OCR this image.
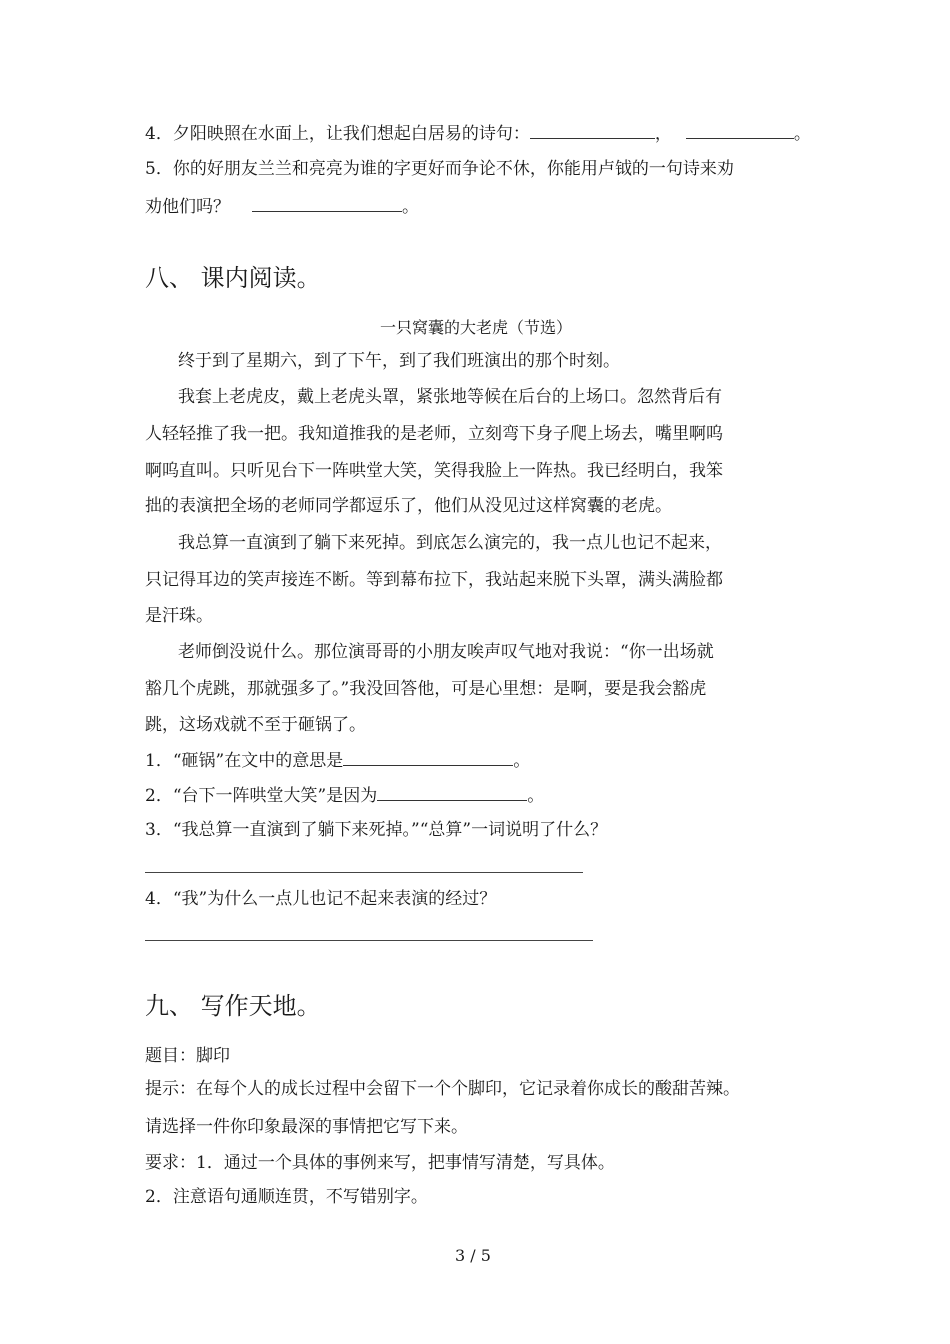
4．夕阳映照在水面上，让我们想起白居易的诗句：	，	。
5．你的好朋友兰兰和亮亮为谁的字更好而争论不休，你能用卢钺的一句诗来劝
劝他们吗？	。
八、 课内阅读。
一只窝囊的大老虎（节选）
终于到了星期六，到了下午，到了我们班演出的那个时刻。
我套上老虎皮，戴上老虎头罩，紧张地等候在后台的上场口。忽然背后有
人轻轻推了我一把。我知道推我的是老师，立刻弯下身子爬上场去，嘴里啊呜
啊呜直叫。只听见台下一阵哄堂大笑，笑得我脸上一阵热。我已经明白，我笨
拙的表演把全场的老师同学都逗乐了，他们从没见过这样窝囊的老虎。
我总算一直演到了躺下来死掉。到底怎么演完的，我一点儿也记不起来，
只记得耳边的笑声接连不断。等到幕布拉下，我站起来脱下头罩，满头满脸都
是汗珠。
老师倒没说什么。那位演哥哥的小朋友唉声叹气地对我说：“你一出场就
豁几个虎跳，那就强多了。”我没回答他，可是心里想：是啊，要是我会豁虎
跳，这场戏就不至于砸锅了。
1．“砸锅”在文中的意思是	。
2．“台下一阵哄堂大笑”是因为	。
3．“我总算一直演到了躺下来死掉。”“总算”一词说明了什么？
4．“我”为什么一点儿也记不起来表演的经过？
九、 写作天地。
题目：脚印
提示：在每个人的成长过程中会留下一个个脚印，它记录着你成长的酸甜苦辣。
请选择一件你印象最深的事情把它写下来。
要求：1．通过一个具体的事例来写，把事情写清楚，写具体。
2．注意语句通顺连贯，不写错别字。
3 / 5
